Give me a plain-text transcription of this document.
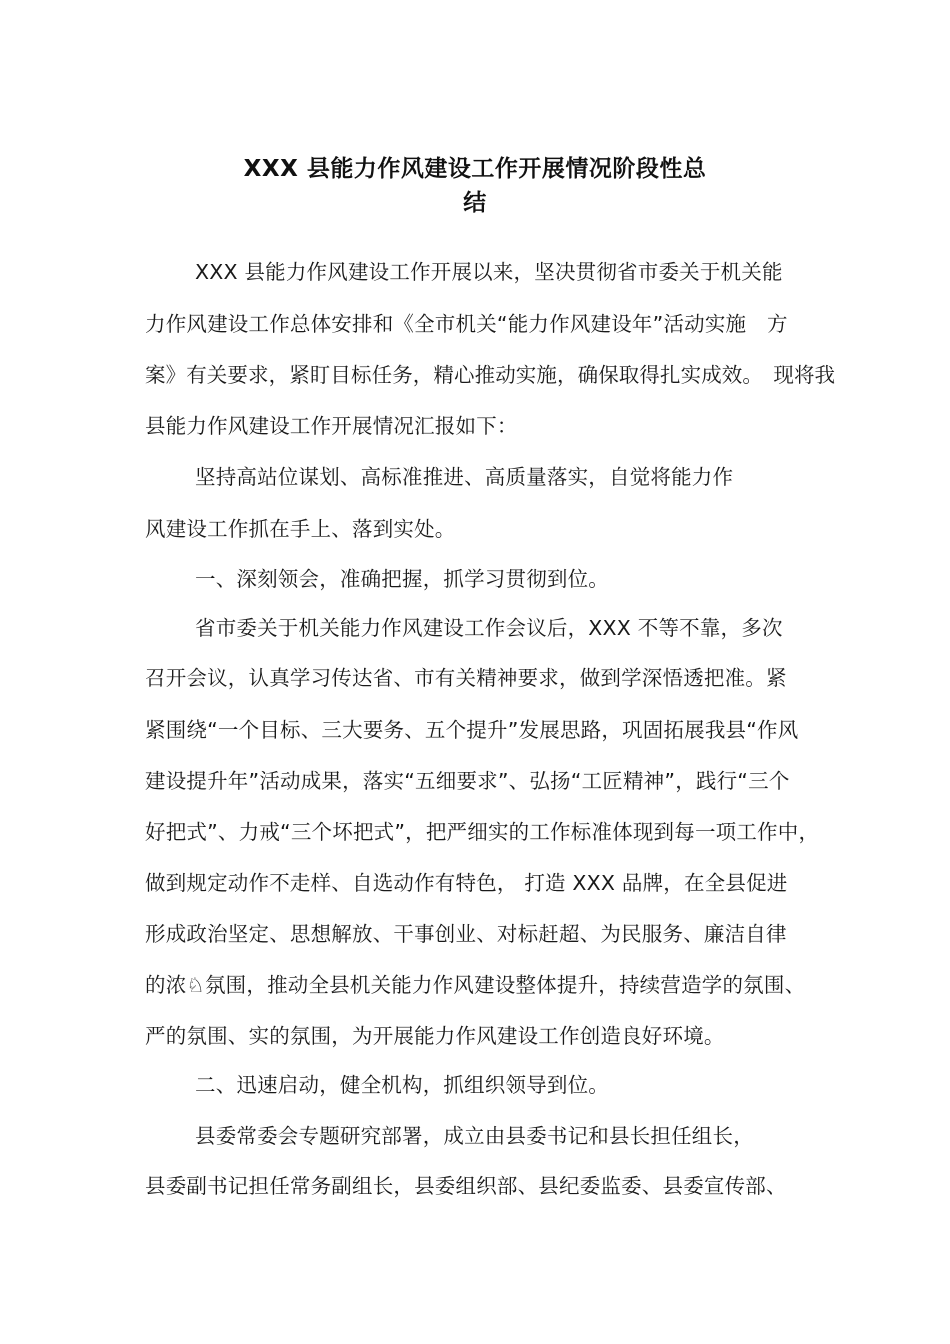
XXX 县能力作风建设工作开展情况阶段性总
结
XXX 县能力作风建设工作开展以来，坚决贯彻省市委关于机关能
力作风建设工作总体安排和《全市机关“能力作风建设年”活动实施　方
案》有关要求，紧盯目标任务，精心推动实施，确保取得扎实成效。　现将我
县能力作风建设工作开展情况汇报如下：
坚持高站位谋划、高标准推进、高质量落实，自觉将能力作
风建设工作抓在手上、落到实处。
一、深刻领会，准确把握，抓学习贯彻到位。
省市委关于机关能力作风建设工作会议后，XXX 不等不靠，多次
召开会议，认真学习传达省、市有关精神要求，做到学深悟透把准。紧
紧围绕“一个目标、三大要务、五个提升”发展思路，巩固拓展我县“作风
建设提升年”活动成果，落实“五细要求”、弘扬“工匠精神”，践行“三个
好把式”、力戒“三个坏把式”，把严细实的工作标准体现到每一项工作中，
做到规定动作不走样、自选动作有特色， 打造 XXX 品牌，在全县促进
形成政治坚定、思想解放、干事创业、对标赶超、为民服务、廉洁自律
的浓♘氛围，推动全县机关能力作风建设整体提升，持续营造学的氛围、
严的氛围、实的氛围，为开展能力作风建设工作创造良好环境。
二、迅速启动，健全机构，抓组织领导到位。
县委常委会专题研究部署，成立由县委书记和县长担任组长，
县委副书记担任常务副组长，县委组织部、县纪委监委、县委宣传部、
